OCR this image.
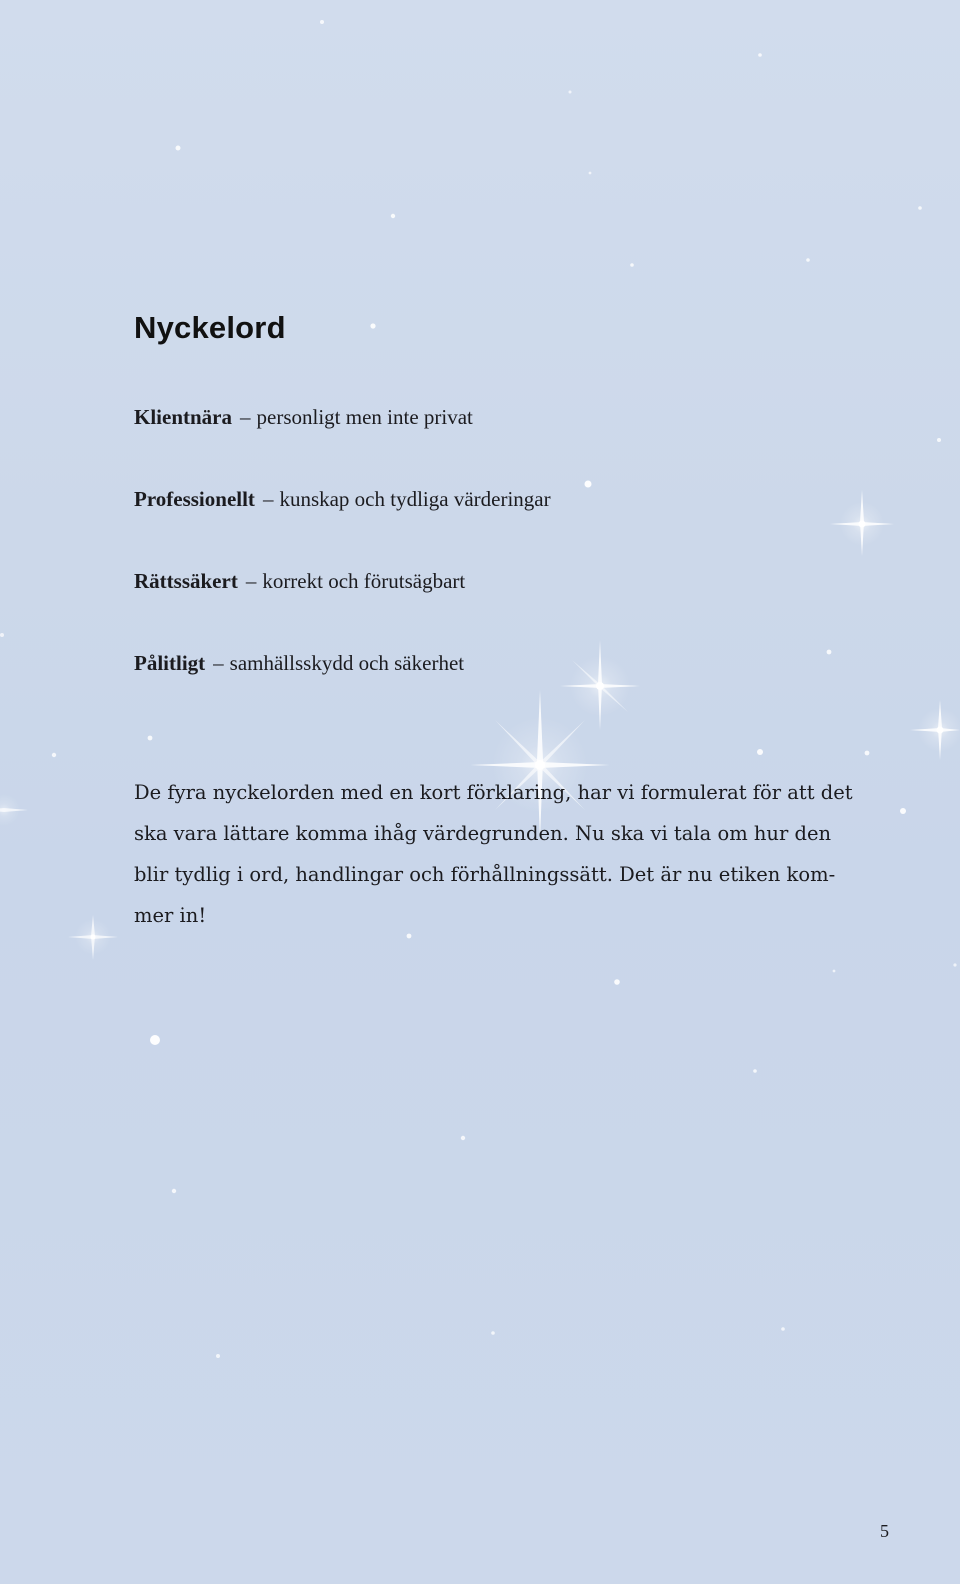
Nyckelord
Klientnära – personligt men inte privat
Professionellt – kunskap och tydliga värderingar
Rättssäkert – korrekt och förutsägbart
Pålitligt – samhällsskydd och säkerhet

De fyra nyckelorden med en kort förklaring, har vi formulerat för att det
ska vara lättare komma ihåg värdegrunden. Nu ska vi tala om hur den
blir tydlig i ord, handlingar och förhållningssätt. Det är nu etiken kom-
mer in!

5
